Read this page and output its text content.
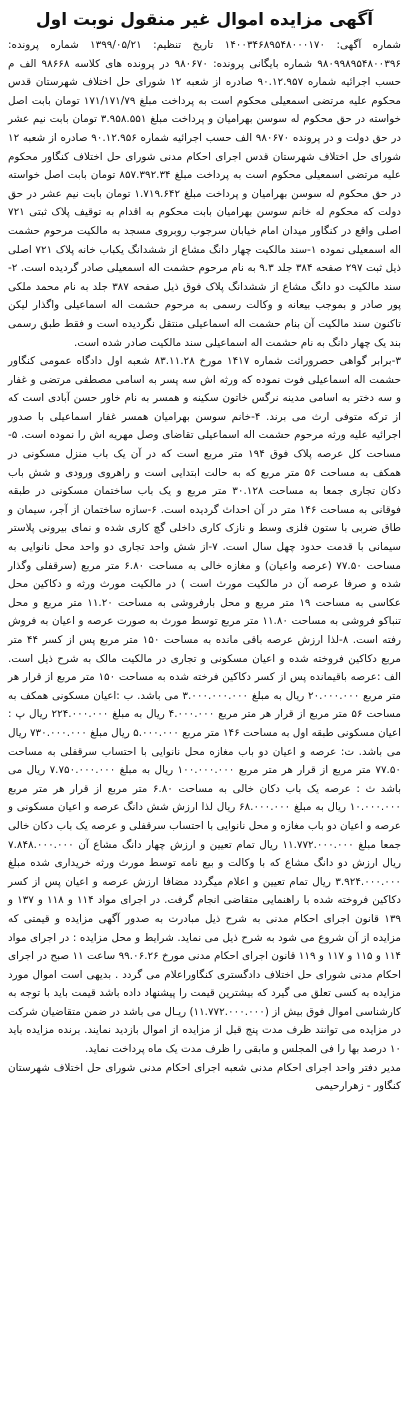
آگهی مزایده اموال غیر منقول نوبت اول

شماره آگهی: ۱۴۰۰۳۴۶۸۹۵۴۸۰۰۰۱۷۰ تاریخ تنظیم: ۱۳۹۹/۰۵/۲۱ شماره پرونده: ۹۸۰۹۹۸۹۵۴۸۰۰۳۹۶ شماره بایگانی پرونده: ۹۸۰۶۷۰ در پرونده های کلاسه ۹۸۶۶۸ الف م حسب اجرائیه شماره ۹۰.۱۲.۹۵۷ صادره از شعبه ۱۲ شورای حل اختلاف شهرستان قدس محکوم علیه مرتضی اسمعیلی محکوم است به پرداخت مبلغ ۱۷۱/۱۷۱/۷۹ تومان بابت اصل خواسته در حق محکوم له سوسن بهرامیان و پرداخت مبلغ ۳.۹۵۸.۵۵۱ تومان بابت نیم عشر در حق دولت و در پرونده ۹۸۰۶۷۰ الف حسب اجرائیه شماره ۹۰.۱۲.۹۵۶ صادره از شعبه ۱۲ شورای حل اختلاف شهرستان قدس اجرای احکام مدنی شورای حل اختلاف کنگاور محکوم علیه مرتضی اسمعیلی محکوم است به پرداخت مبلغ ۸۵۷.۳۹۲.۳۴ تومان بابت اصل خواسته در حق محکوم له سوسن بهرامیان و پرداخت مبلغ ۱.۷۱۹.۶۴۲ تومان بابت نیم عشر در حق دولت که محکوم له خانم سوسن بهرامیان بابت محکوم به اقدام به توقیف پلاک ثبتی ۷۲۱ اصلی واقع در کنگاور میدان امام خیابان سرجوب روبروی مسجد به مالکیت مرحوم حشمت اله اسمعیلی نموده ۱-سند مالکیت چهار دانگ مشاع از ششدانگ یکباب خانه پلاک ۷۲۱ اصلی ذیل ثبت ۲۹۷ صفحه ۳۸۴ جلد ۹.۳ به نام مرحوم حشمت اله اسمعیلی صادر گردیده است. ۲-سند مالکیت دو دانگ مشاع از ششدانگ پلاک فوق ذیل صفحه ۳۸۷ جلد به نام محمد ملکی پور صادر و بموجب بیعانه و وکالت رسمی به مرحوم حشمت اله اسماعیلی واگذار لیکن تاکنون سند مالکیت آن بنام حشمت اله اسماعیلی منتقل نگردیده است و فقط طبق رسمی بند یک چهار دانگ به نام حشمت اله اسماعیلی سند مالکیت صادر شده است.

۳-برابر گواهی حصروراثت شماره ۱۴۱۷ مورخ ۸۳.۱۱.۲۸ شعبه اول دادگاه عمومی کنگاور حشمت اله اسماعیلی فوت نموده که ورثه اش سه پسر به اسامی مصطفی مرتضی و غفار و سه دختر به اسامی مدینه نرگس خاتون سکینه و همسر به نام خاور حسن آبادی است که از ترکه متوفی ارث می برند. ۴-خانم سوسن بهرامیان همسر غفار اسماعیلی با صدور اجرائیه علیه ورثه مرحوم حشمت اله اسماعیلی تقاضای وصل مهریه اش را نموده است. ۵-مساحت کل عرصه پلاک فوق ۱۹۴ متر مربع است که در آن یک باب منزل مسکونی در همکف به مساحت ۵۶ متر مربع که به حالت ابتدایی است و راهروی ورودی و شش باب دکان تجاری جمعا به مساحت ۳۰.۱۲۸ متر مربع و یک باب ساختمان مسکونی در طبقه فوقانی به مساحت ۱۴۶ متر در آن احداث گردیده است. ۶-سازه ساختمان از آجر، سیمان و طاق ضربی با ستون فلزی وسط و نازک کاری داخلی گچ کاری شده و نمای بیرونی پلاستر سیمانی با قدمت حدود چهل سال است. ۷-از شش واحد تجاری دو واحد محل نانوایی به مساحت ۷۷.۵۰ (عرصه واعیان) و مغازه خالی به مساحت ۶.۸۰ متر مربع (سرقفلی وگذار شده و صرفا عرصه آن در مالکیت مورث است ) در مالکیت مورث ورثه و دکاکین محل عکاسی به مساحت ۱۹ متر مربع و محل بارفروشی به مساحت ۱۱.۲۰ متر مربع و محل تنباکو فروشی به مساحت ۱۱.۸۰ متر مربع توسط مورث به صورت عرصه و اعیان به فروش رفته است. ۸-لذا ارزش عرصه باقی مانده به مساحت ۱۵۰ متر مربع پس از کسر ۴۴ متر مربع دکاکین فروخته شده و اعیان مسکونی و تجاری در مالکیت مالک به شرح ذیل است. الف :عرصه باقیمانده پس از کسر دکاکین فرخته شده به مساحت ۱۵۰ متر مربع از قرار هر متر مربع ۲۰.۰۰۰.۰۰۰ ریال به مبلغ ۳.۰۰۰.۰۰۰.۰۰۰ می باشد. ب :اعیان مسکونی همکف به مساحت ۵۶ متر مربع از قرار هر متر مربع ۴.۰۰۰.۰۰۰ ریال به مبلغ ۲۲۴.۰۰۰.۰۰۰ ریال پ : اعیان مسکونی طبقه اول به مساحت ۱۴۶ متر مربع ۵.۰۰۰.۰۰۰ ریال مبلغ ۷۳۰.۰۰۰.۰۰۰ ریال می باشد. ت: عرصه و اعیان دو باب مغازه محل نانوایی با احتساب سرقفلی به مساحت ۷۷.۵۰ متر مربع از قرار هر متر مربع ۱۰۰.۰۰۰.۰۰۰ ریال به مبلغ ۷.۷۵۰.۰۰۰.۰۰۰ ریال می باشد ث : عرصه یک باب دکان خالی به مساحت ۶.۸۰ متر مربع از قرار هر متر مربع ۱۰.۰۰۰.۰۰۰ ریال به مبلغ ۶۸.۰۰۰.۰۰۰ ریال لذا ارزش شش دانگ عرصه و اعیان مسکونی و عرصه و اعیان دو باب مغازه و محل نانوایی با احتساب سرقفلی و عرصه یک باب دکان خالی جمعا مبلغ ۱۱.۷۷۲.۰۰۰.۰۰۰ ریال تمام تعیین و ارزش چهار دانگ مشاع آن ۷.۸۴۸.۰۰۰.۰۰۰ ریال ارزش دو دانگ مشاع که با وکالت و بیع نامه توسط مورث ورثه خریداری شده مبلغ ۳.۹۲۴.۰۰۰.۰۰۰ ریال تمام تعیین و اعلام میگردد مضافا ارزش عرصه و اعیان پس از کسر دکاکین فروخته شده با راهنمایی متقاضی انجام گرفت. در اجرای مواد ۱۱۴ و ۱۱۸ و ۱۳۷ و ۱۳۹ قانون اجرای احکام مدنی به شرح ذیل مبادرت به صدور آگهی مزایده و قیمتی که مزایده از آن شروع می شود به شرح ذیل می نماید. شرایط و محل مزایده : در اجرای مواد ۱۱۴ و ۱۱۵ و ۱۱۷ و ۱۱۹ قانون اجرای احکام مدنی مورخ ۹۹.۰۶.۲۶ ساعت ۱۱ صبح در اجرای احکام مدنی شورای حل اختلاف دادگستری کنگاوراعلام می گردد . بدیهی است اموال مورد مزایده به کسی تعلق می گیرد که بیشترین قیمت را پیشنهاد داده باشد قیمت باید با توجه به کارشناسی اموال فوق بیش از (۱۱.۷۷۲.۰۰۰.۰۰۰) ریـال می باشد در ضمن متقاضیان شرکت در مزایده می توانند ظرف مدت پنج قبل از مزایده از اموال بازدید نمایند. برنده مزایده باید ۱۰ درصد بها را فی المجلس و مابقی را ظرف مدت یک ماه پرداخت نماید.

مدیر دفتر واحد اجرای احکام مدنی شعبه اجرای احکام مدنی شورای حل اختلاف شهرستان کنگاور - زهرارحیمی
